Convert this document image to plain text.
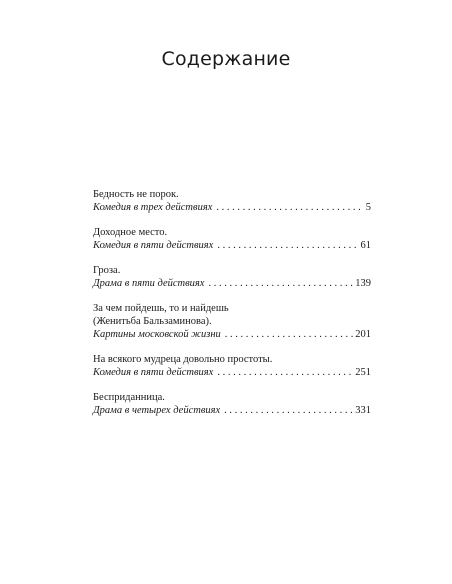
Содержание
Бедность не порок.
Комедия в трех действиях . . .	5
Доходное место.
Комедия в пяти действиях . . .	61
Гроза.
Драма в пяти действиях . . .	139
За чем пойдешь, то и найдешь
(Женитьба Бальзаминова).
Картины московской жизни . . .	201
На всякого мудреца довольно простоты.
Комедия в пяти действиях . . .	251
Бесприданница.
Драма в четырех действиях . . .	331
